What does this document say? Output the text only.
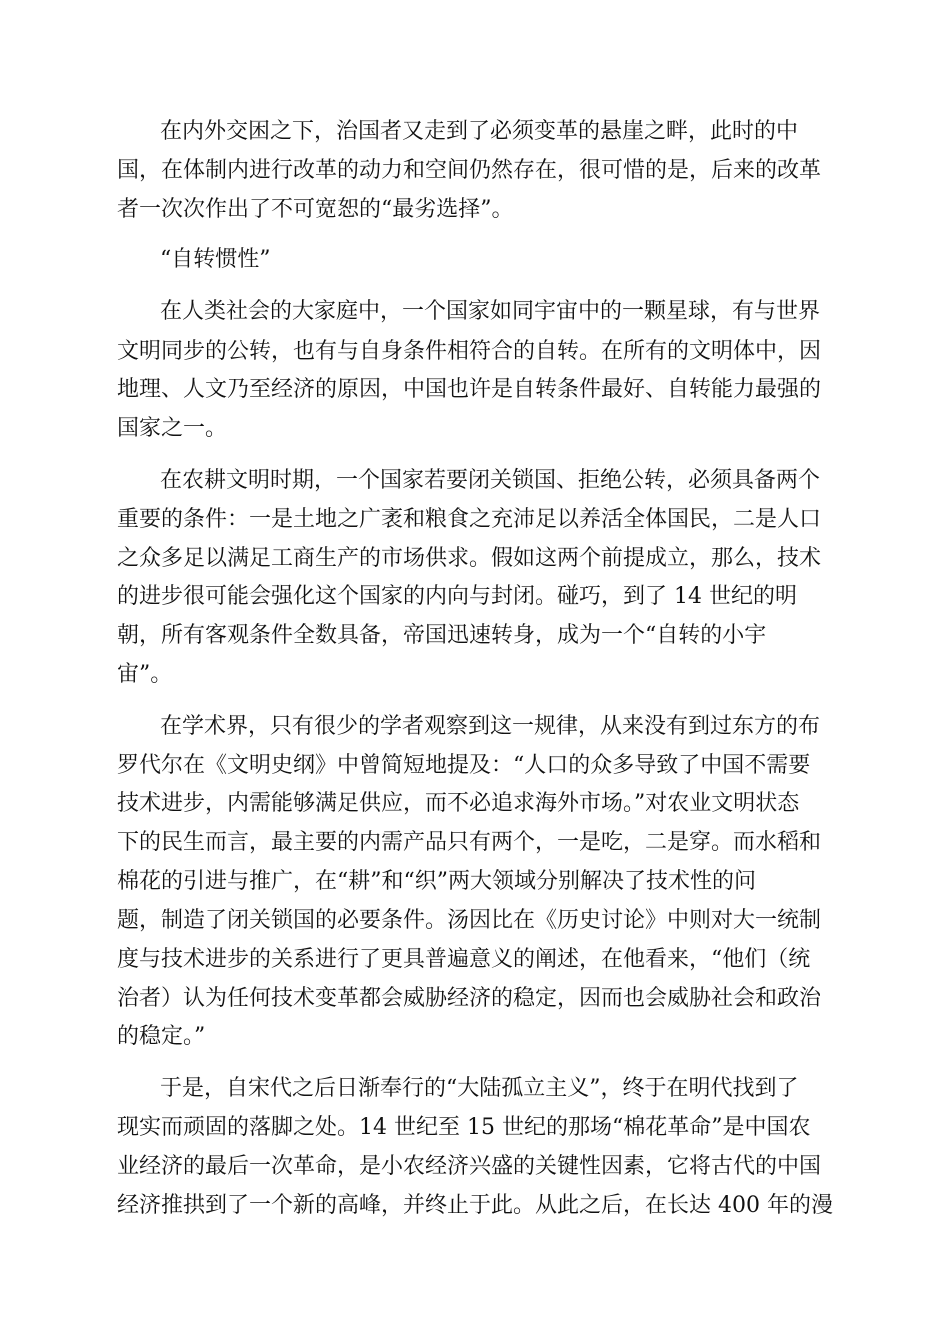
在内外交困之下，治国者又走到了必须变革的悬崖之畔，此时的中
国，在体制内进行改革的动力和空间仍然存在，很可惜的是，后来的改革
者一次次作出了不可宽恕的“最劣选择”。
“自转惯性”
在人类社会的大家庭中，一个国家如同宇宙中的一颗星球，有与世界
文明同步的公转，也有与自身条件相符合的自转。在所有的文明体中，因
地理、人文乃至经济的原因，中国也许是自转条件最好、自转能力最强的
国家之一。
在农耕文明时期，一个国家若要闭关锁国、拒绝公转，必须具备两个
重要的条件：一是土地之广袤和粮食之充沛足以养活全体国民，二是人口
之众多足以满足工商生产的市场供求。假如这两个前提成立，那么，技术
的进步很可能会强化这个国家的内向与封闭。碰巧，到了 14 世纪的明
朝，所有客观条件全数具备，帝国迅速转身，成为一个“自转的小宇
宙”。
在学术界，只有很少的学者观察到这一规律，从来没有到过东方的布
罗代尔在《文明史纲》中曾简短地提及：“人口的众多导致了中国不需要
技术进步，内需能够满足供应，而不必追求海外市场。”对农业文明状态
下的民生而言，最主要的内需产品只有两个，一是吃，二是穿。而水稻和
棉花的引进与推广，在“耕”和“织”两大领域分别解决了技术性的问
题，制造了闭关锁国的必要条件。汤因比在《历史讨论》中则对大一统制
度与技术进步的关系进行了更具普遍意义的阐述，在他看来，“他们（统
治者）认为任何技术变革都会威胁经济的稳定，因而也会威胁社会和政治
的稳定。”
于是，自宋代之后日渐奉行的“大陆孤立主义”，终于在明代找到了
现实而顽固的落脚之处。14 世纪至 15 世纪的那场“棉花革命”是中国农
业经济的最后一次革命，是小农经济兴盛的关键性因素，它将古代的中国
经济推拱到了一个新的高峰，并终止于此。从此之后，在长达 400 年的漫
